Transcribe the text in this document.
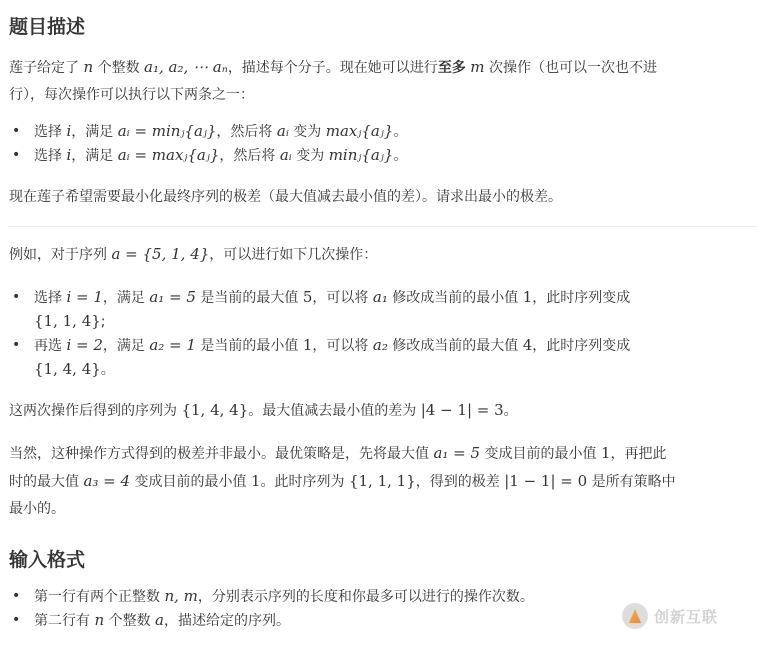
题目描述

莲子给定了 n 个整数 a₁, a₂, ⋯ aₙ，描述每个分子。现在她可以进行至多 m 次操作（也可以一次也不进
行），每次操作可以执行以下两条之一：

• 选择 i，满足 aᵢ = minⱼ{aⱼ}，然后将 aᵢ 变为 maxⱼ{aⱼ}。
• 选择 i，满足 aᵢ = maxⱼ{aⱼ}，然后将 aᵢ 变为 minⱼ{aⱼ}。

现在莲子希望需要最小化最终序列的极差（最大值减去最小值的差）。请求出最小的极差。

例如，对于序列 a = {5, 1, 4}，可以进行如下几次操作：

• 选择 i = 1，满足 a₁ = 5 是当前的最大值 5，可以将 a₁ 修改成当前的最小值 1，此时序列变成
{1, 1, 4};
• 再选 i = 2，满足 a₂ = 1 是当前的最小值 1，可以将 a₂ 修改成当前的最大值 4，此时序列变成
{1, 4, 4}。

这两次操作后得到的序列为 {1, 4, 4}。最大值减去最小值的差为 |4 − 1| = 3。

当然，这种操作方式得到的极差并非最小。最优策略是，先将最大值 a₁ = 5 变成目前的最小值 1，再把此
时的最大值 a₃ = 4 变成目前的最小值 1。此时序列为 {1, 1, 1}，得到的极差 |1 − 1| = 0 是所有策略中
最小的。

输入格式
• 第一行有两个正整数 n, m，分别表示序列的长度和你最多可以进行的操作次数。
• 第二行有 n 个整数 a，描述给定的序列。	创新互联
